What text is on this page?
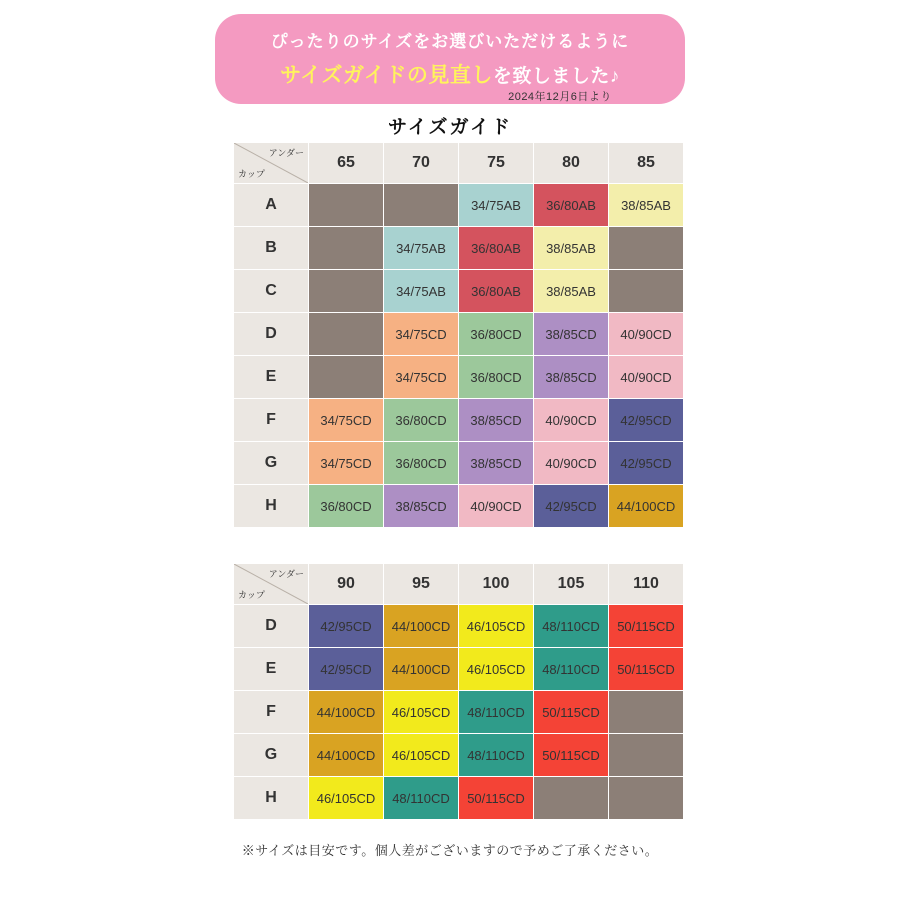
ぴったりのサイズをお選びいただけるように
サイズガイドの見直しを致しました♪
2024年12月6日より
サイズガイド
アンダー
カップ	65	70	75	80	85
A			34/75AB	36/80AB	38/85AB
B		34/75AB	36/80AB	38/85AB	
C		34/75AB	36/80AB	38/85AB	
D		34/75CD	36/80CD	38/85CD	40/90CD
E		34/75CD	36/80CD	38/85CD	40/90CD
F	34/75CD	36/80CD	38/85CD	40/90CD	42/95CD
G	34/75CD	36/80CD	38/85CD	40/90CD	42/95CD
H	36/80CD	38/85CD	40/90CD	42/95CD	44/100CD
アンダー
カップ	90	95	100	105	110
D	42/95CD	44/100CD	46/105CD	48/110CD	50/115CD
E	42/95CD	44/100CD	46/105CD	48/110CD	50/115CD
F	44/100CD	46/105CD	48/110CD	50/115CD	
G	44/100CD	46/105CD	48/110CD	50/115CD	
H	46/105CD	48/110CD	50/115CD		
※サイズは目安です。個人差がございますので予めご了承ください。
